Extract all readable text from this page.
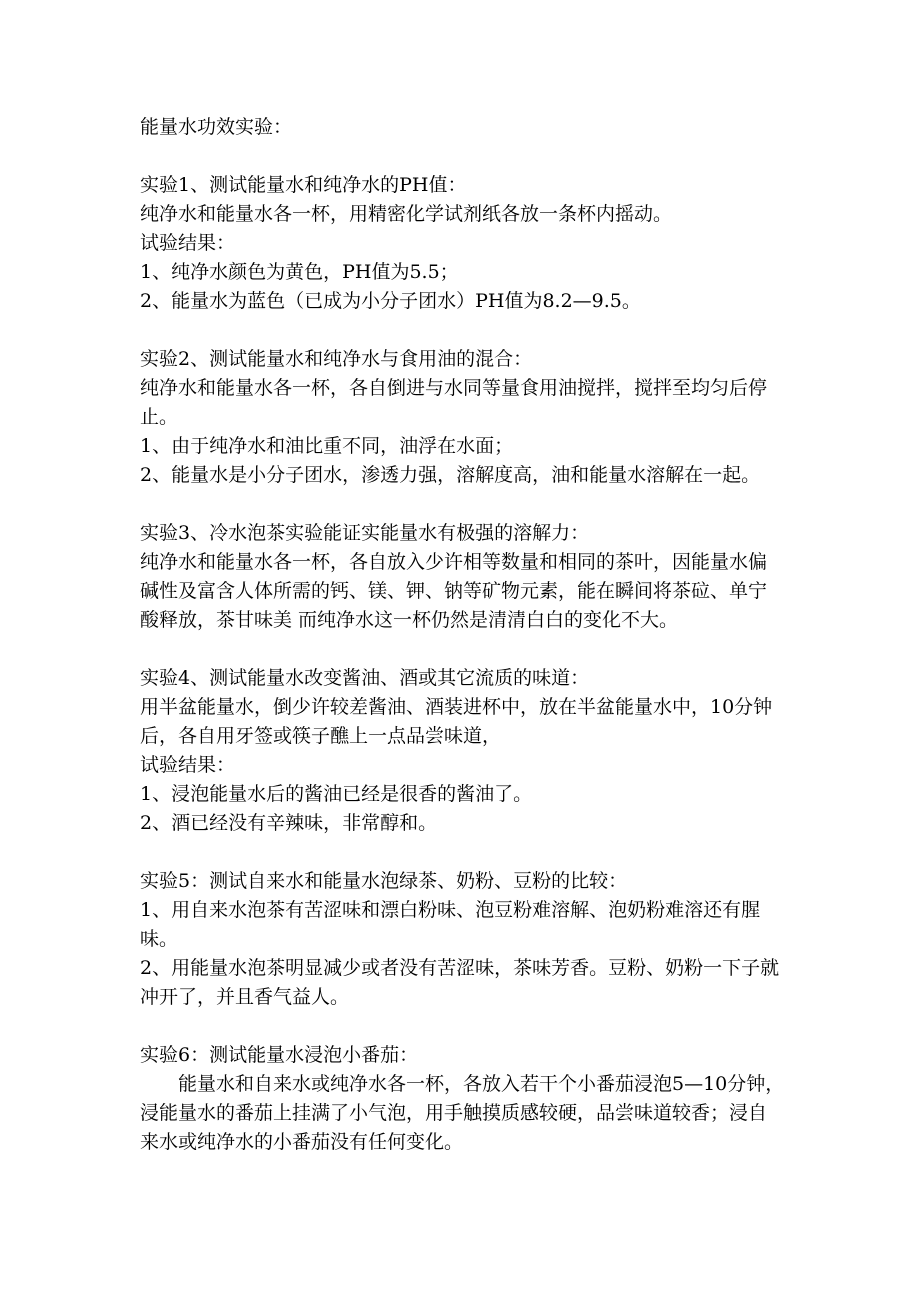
能量水功效实验：

实验1、测试能量水和纯净水的PH值：

纯净水和能量水各一杯，用精密化学试剂纸各放一条杯内摇动。

试验结果：

1、纯净水颜色为黄色，PH值为5.5；

2、能量水为蓝色（已成为小分子团水）PH值为8.2—9.5。

实验2、测试能量水和纯净水与食用油的混合：

纯净水和能量水各一杯，各自倒进与水同等量食用油搅拌，搅拌至均匀后停止。

1、由于纯净水和油比重不同，油浮在水面；

2、能量水是小分子团水，渗透力强，溶解度高，油和能量水溶解在一起。

实验3、冷水泡茶实验能证实能量水有极强的溶解力：

纯净水和能量水各一杯，各自放入少许相等数量和相同的茶叶，因能量水偏碱性及富含人体所需的钙、镁、钾、钠等矿物元素，能在瞬间将茶砬、单宁酸释放，茶甘味美 而纯净水这一杯仍然是清清白白的变化不大。

实验4、测试能量水改变酱油、酒或其它流质的味道：

用半盆能量水，倒少许较差酱油、酒装进杯中，放在半盆能量水中，10分钟后，各自用牙签或筷子醮上一点品尝味道，

试验结果：

1、浸泡能量水后的酱油已经是很香的酱油了。

2、酒已经没有辛辣味，非常醇和。

实验5：测试自来水和能量水泡绿茶、奶粉、豆粉的比较：

1、用自来水泡茶有苦涩味和漂白粉味、泡豆粉难溶解、泡奶粉难溶还有腥味。

2、用能量水泡茶明显减少或者没有苦涩味，茶味芳香。豆粉、奶粉一下子就冲开了，并且香气益人。

实验6：测试能量水浸泡小番茄：

能量水和自来水或纯净水各一杯，各放入若干个小番茄浸泡5—10分钟，浸能量水的番茄上挂满了小气泡，用手触摸质感较硬，品尝味道较香；浸自来水或纯净水的小番茄没有任何变化。
